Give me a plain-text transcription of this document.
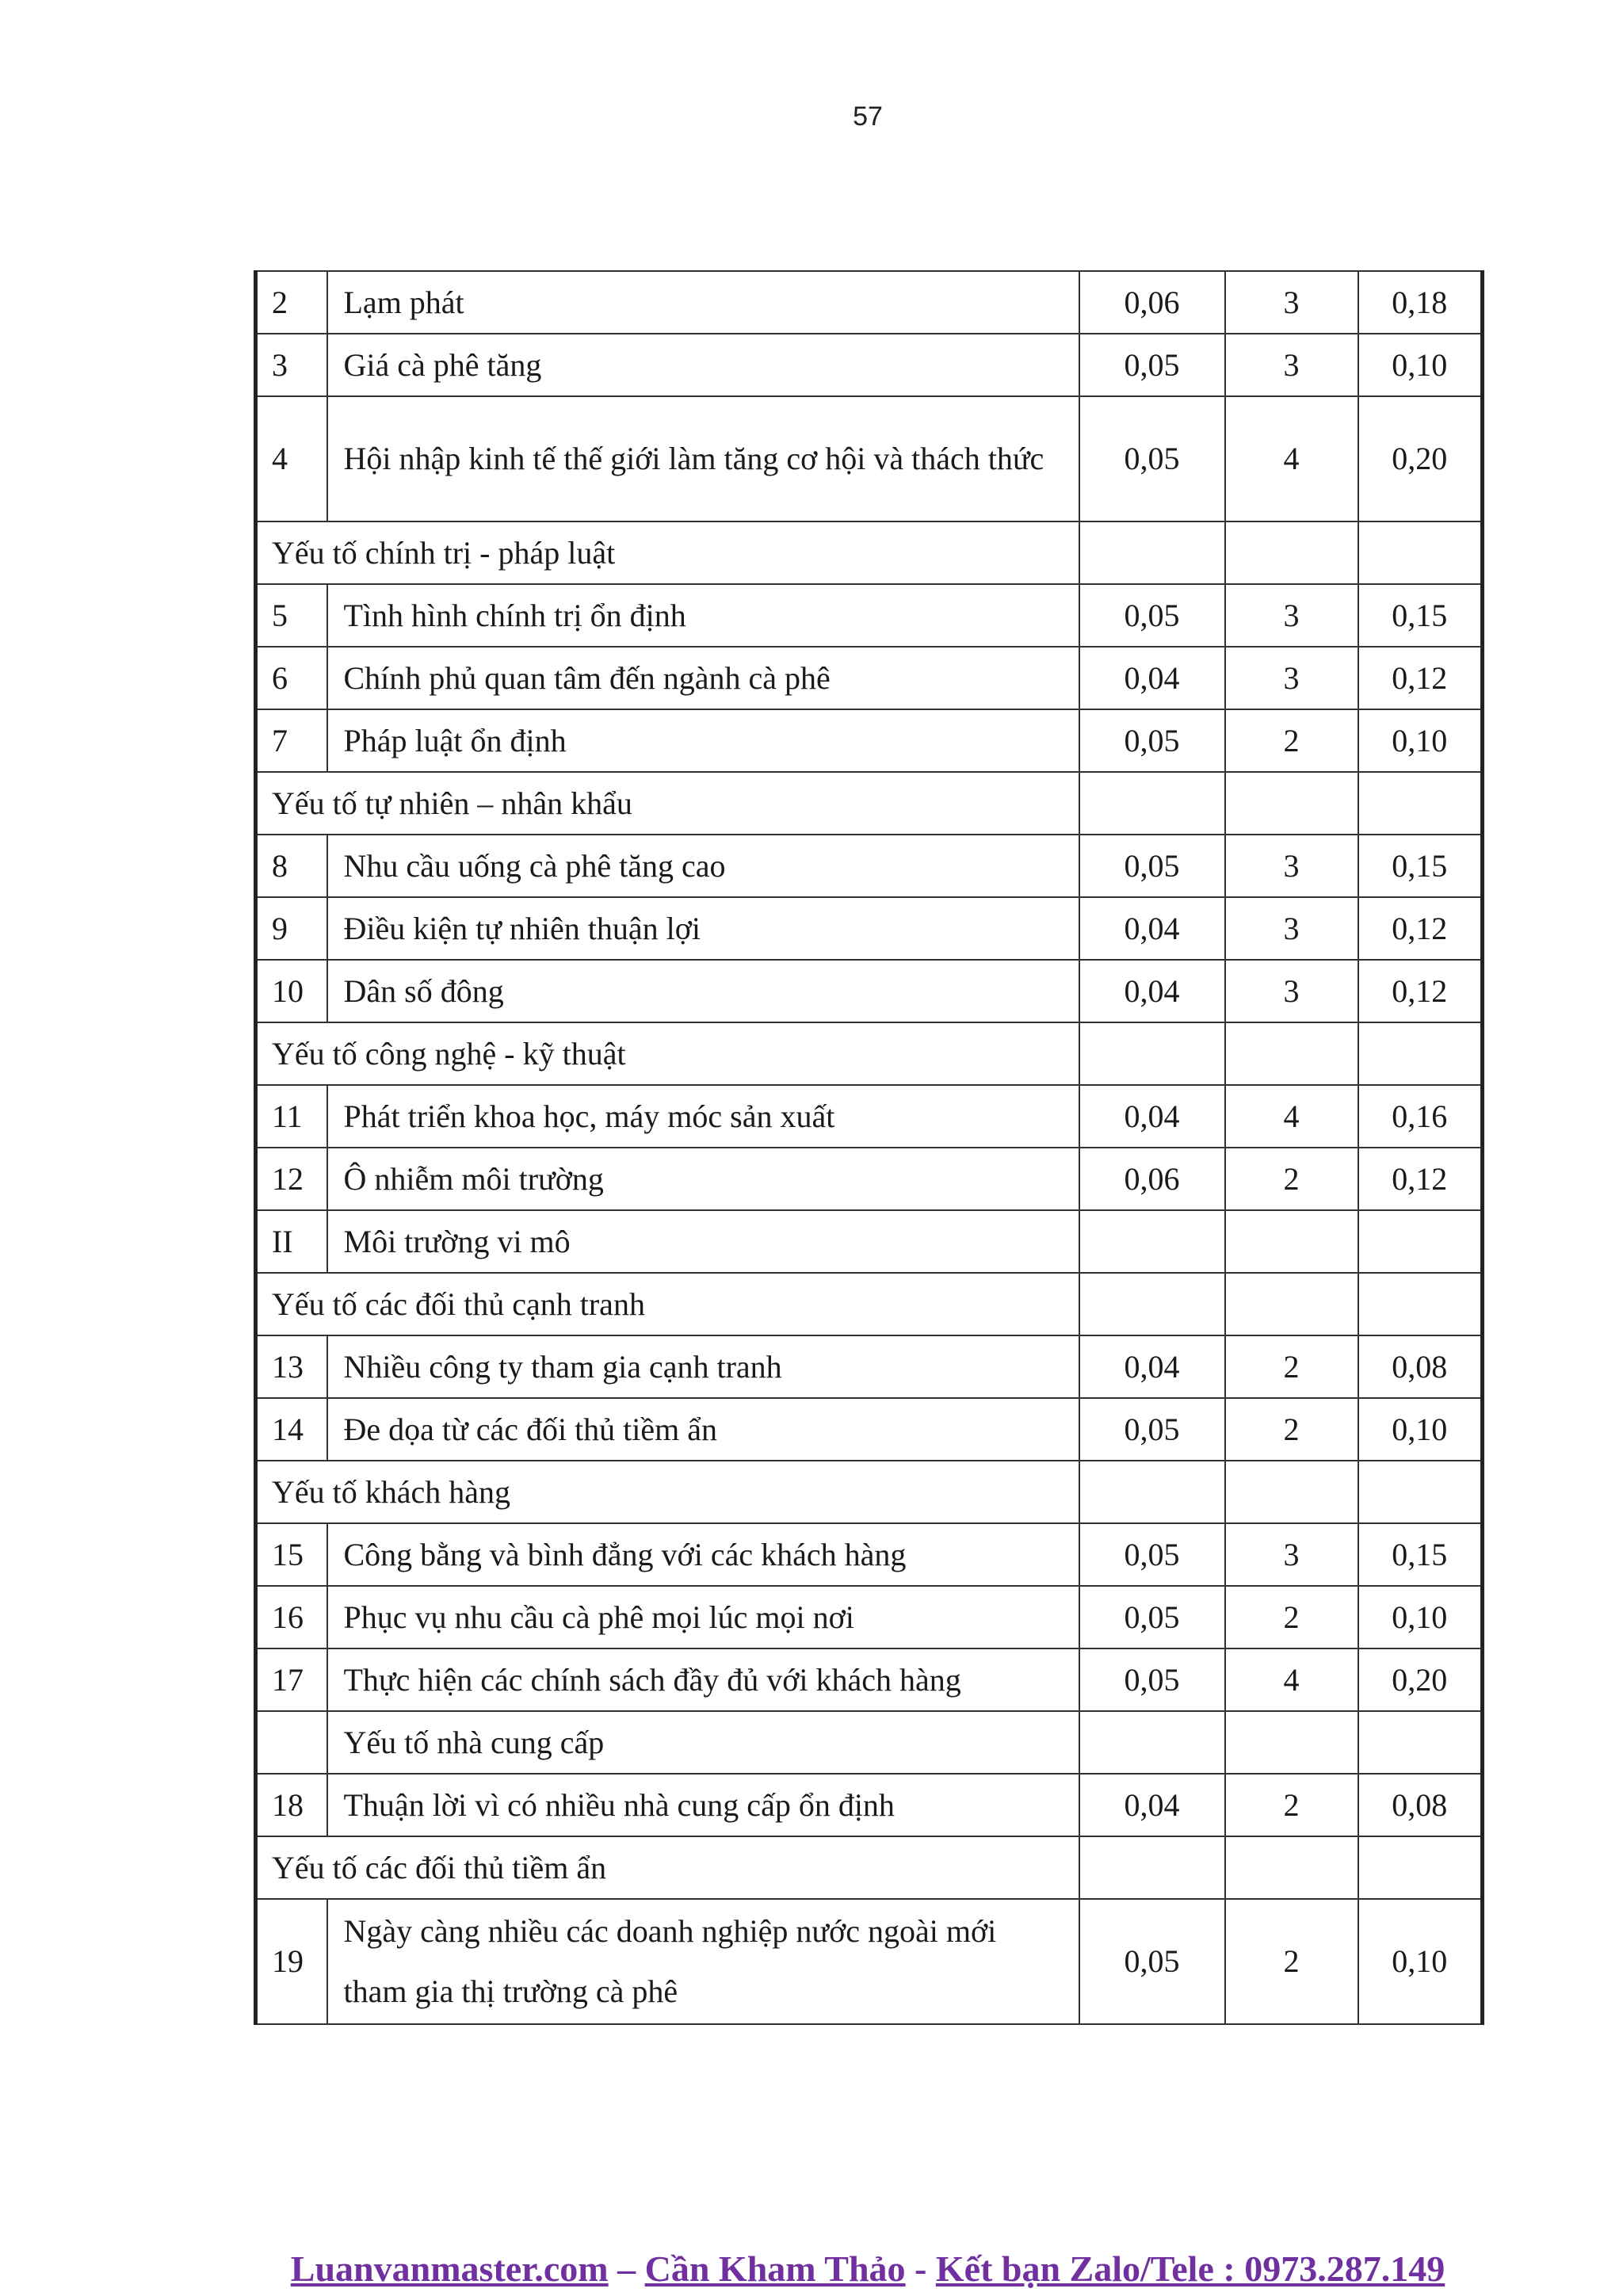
57
2	Lạm phát	0,06	3	0,18
3	Giá cà phê tăng	0,05	3	0,10
4	Hội nhập kinh tế thế giới làm tăng cơ hội và thách thức	0,05	4	0,20
Yếu tố chính trị - pháp luật				
5	Tình hình chính trị ổn định	0,05	3	0,15
6	Chính phủ quan tâm đến ngành cà phê	0,04	3	0,12
7	Pháp luật ổn định	0,05	2	0,10
Yếu tố tự nhiên – nhân khẩu				
8	Nhu cầu uống cà phê tăng cao	0,05	3	0,15
9	Điều kiện tự nhiên thuận lợi	0,04	3	0,12
10	Dân số đông	0,04	3	0,12
Yếu tố công nghệ - kỹ thuật				
11	Phát triển khoa học, máy móc sản xuất	0,04	4	0,16
12	Ô nhiễm môi trường	0,06	2	0,12
II	Môi trường vi mô			
Yếu tố các đối thủ cạnh tranh				
13	Nhiều công ty tham gia cạnh tranh	0,04	2	0,08
14	Đe dọa từ các đối thủ tiềm ẩn	0,05	2	0,10
Yếu tố khách hàng				
15	Công bằng và bình đẳng với các khách hàng	0,05	3	0,15
16	Phục vụ nhu cầu cà phê mọi lúc mọi nơi	0,05	2	0,10
17	Thực hiện các chính sách đầy đủ với khách hàng	0,05	4	0,20
	Yếu tố nhà cung cấp			
18	Thuận lời vì có nhiều nhà cung cấp ổn định	0,04	2	0,08
Yếu tố các đối thủ tiềm ẩn				
19	Ngày càng nhiều các doanh nghiệp nước ngoài mới tham gia thị trường cà phê	0,05	2	0,10
Luanvanmaster.com – Cần Kham Thảo - Kết bạn Zalo/Tele : 0973.287.149
